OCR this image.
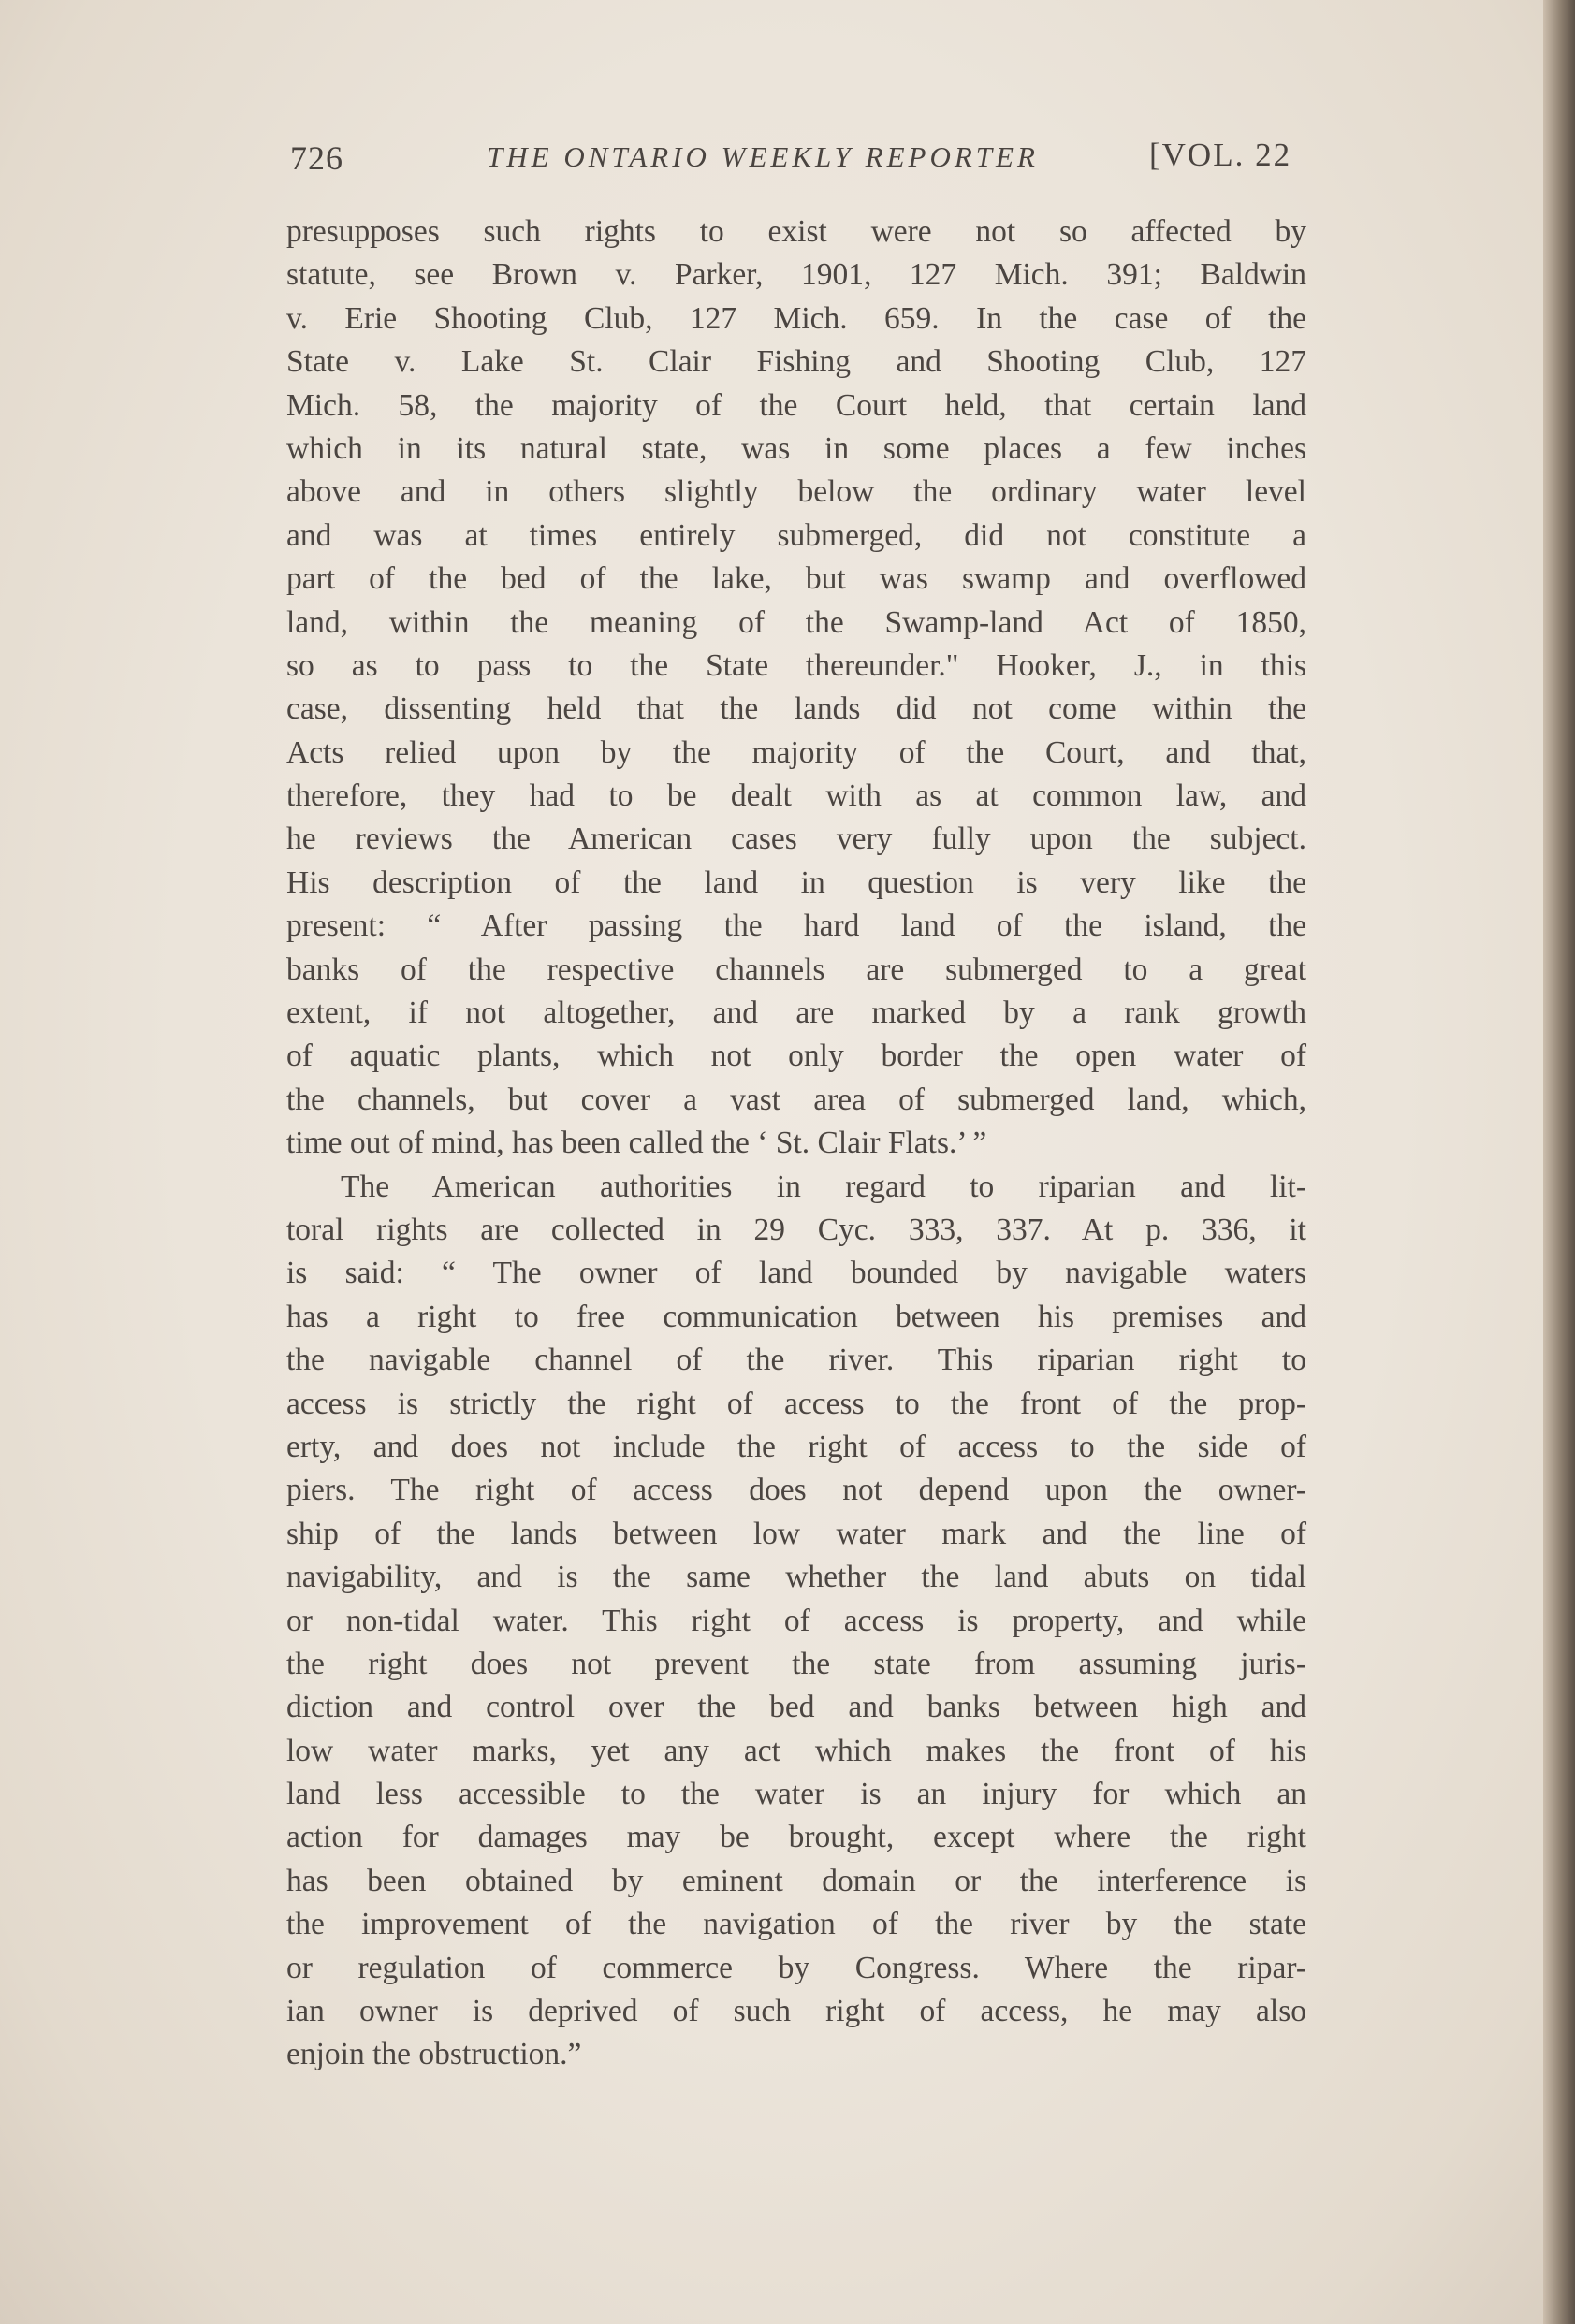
726	THE ONTARIO WEEKLY REPORTER	[VOL. 22
presupposes such rights to exist were not so affected by
statute, see Brown v. Parker, 1901, 127 Mich. 391; Baldwin
v. Erie Shooting Club, 127 Mich. 659. In the case of the
State v. Lake St. Clair Fishing and Shooting Club, 127
Mich. 58, the majority of the Court held, that certain land
which in its natural state, was in some places a few inches
above and in others slightly below the ordinary water level
and was at times entirely submerged, did not constitute a
part of the bed of the lake, but was swamp and overflowed
land, within the meaning of the Swamp-land Act of 1850,
so as to pass to the State thereunder." Hooker, J., in this
case, dissenting held that the lands did not come within the
Acts relied upon by the majority of the Court, and that,
therefore, they had to be dealt with as at common law, and
he reviews the American cases very fully upon the subject.
His description of the land in question is very like the
present: “ After passing the hard land of the island, the
banks of the respective channels are submerged to a great
extent, if not altogether, and are marked by a rank growth
of aquatic plants, which not only border the open water of
the channels, but cover a vast area of submerged land, which,
time out of mind, has been called the ‘ St. Clair Flats.’ ”
The American authorities in regard to riparian and lit-
toral rights are collected in 29 Cyc. 333, 337. At p. 336, it
is said: “ The owner of land bounded by navigable waters
has a right to free communication between his premises and
the navigable channel of the river. This riparian right to
access is strictly the right of access to the front of the prop-
erty, and does not include the right of access to the side of
piers. The right of access does not depend upon the owner-
ship of the lands between low water mark and the line of
navigability, and is the same whether the land abuts on tidal
or non-tidal water. This right of access is property, and while
the right does not prevent the state from assuming juris-
diction and control over the bed and banks between high and
low water marks, yet any act which makes the front of his
land less accessible to the water is an injury for which an
action for damages may be brought, except where the right
has been obtained by eminent domain or the interference is
the improvement of the navigation of the river by the state
or regulation of commerce by Congress. Where the ripar-
ian owner is deprived of such right of access, he may also
enjoin the obstruction.”
